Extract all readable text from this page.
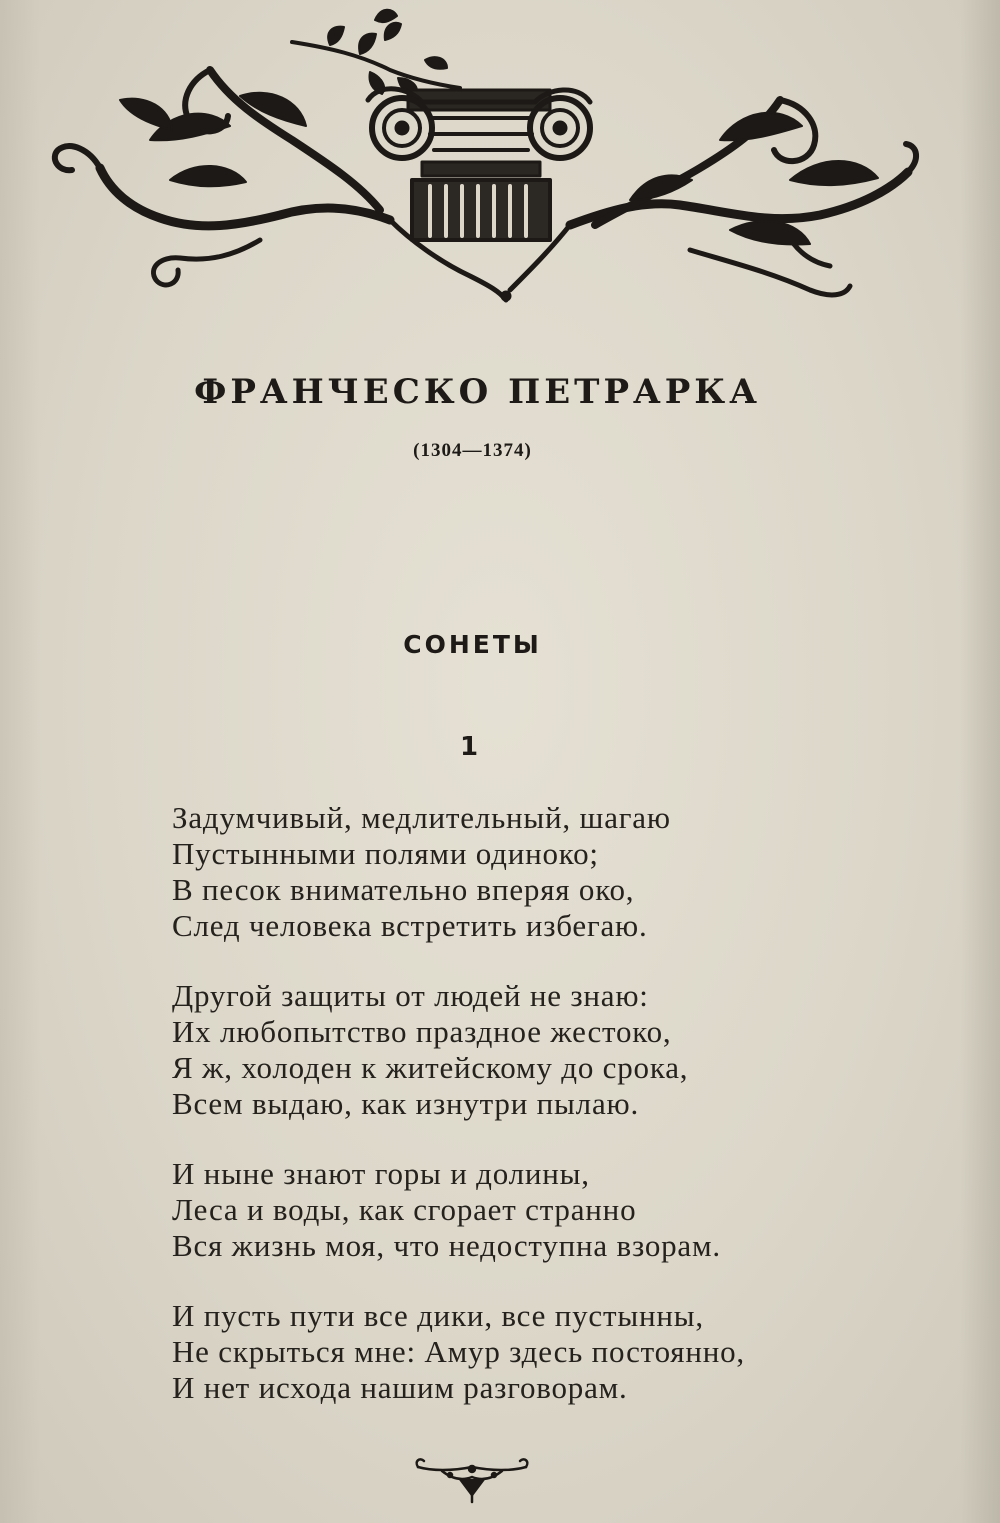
ФРАНЧЕСКО ПЕТРАРКА
(1304—1374)
СОНЕТЫ
1
Задумчивый, медлительный, шагаю
Пустынными полями одиноко;
В песок внимательно вперяя око,
След человека встретить избегаю.
Другой защиты от людей не знаю:
Их любопытство праздное жестоко,
Я ж, холоден к житейскому до срока,
Всем выдаю, как изнутри пылаю.
И ныне знают горы и долины,
Леса и воды, как сгорает странно
Вся жизнь моя, что недоступна взорам.
И пусть пути все дики, все пустынны,
Не скрыться мне: Амур здесь постоянно,
И нет исхода нашим разговорам.
